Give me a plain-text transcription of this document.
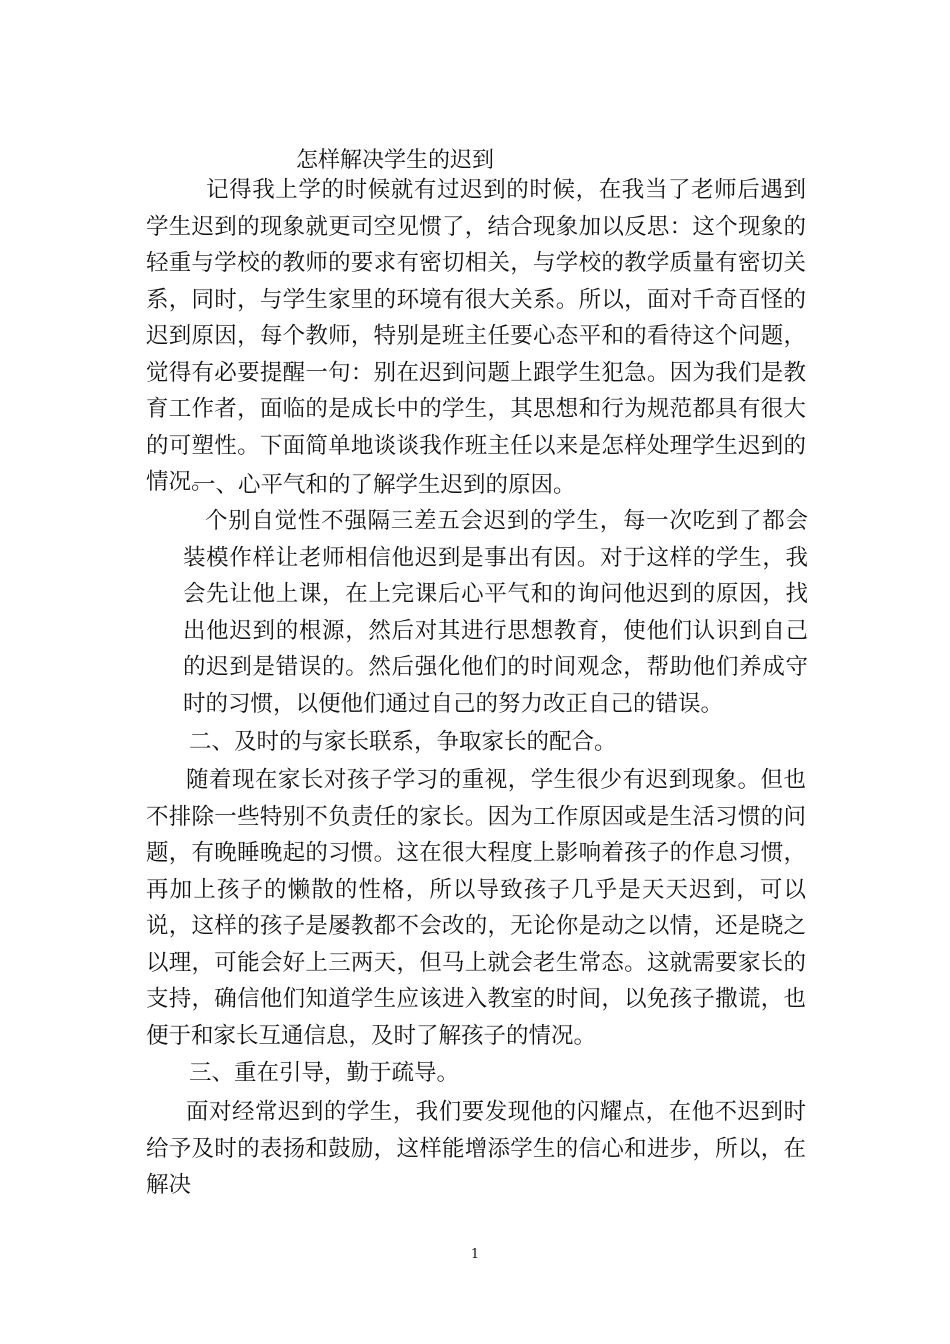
怎样解决学生的迟到

记得我上学的时候就有过迟到的时候，在我当了老师后遇到学生迟到的现象就更司空见惯了，结合现象加以反思：这个现象的轻重与学校的教师的要求有密切相关，与学校的教学质量有密切关系，同时，与学生家里的环境有很大关系。所以，面对千奇百怪的迟到原因，每个教师，特别是班主任要心态平和的看待这个问题，觉得有必要提醒一句：别在迟到问题上跟学生犯急。因为我们是教育工作者，面临的是成长中的学生，其思想和行为规范都具有很大的可塑性。下面简单地谈谈我作班主任以来是怎样处理学生迟到的情况。

一、心平气和的了解学生迟到的原因。

个别自觉性不强隔三差五会迟到的学生，每一次吃到了都会装模作样让老师相信他迟到是事出有因。对于这样的学生，我会先让他上课，在上完课后心平气和的询问他迟到的原因，找出他迟到的根源，然后对其进行思想教育，使他们认识到自己的迟到是错误的。然后强化他们的时间观念，帮助他们养成守时的习惯，以便他们通过自己的努力改正自己的错误。

二、及时的与家长联系，争取家长的配合。

随着现在家长对孩子学习的重视，学生很少有迟到现象。但也不排除一些特别不负责任的家长。因为工作原因或是生活习惯的问题，有晚睡晚起的习惯。这在很大程度上影响着孩子的作息习惯，再加上孩子的懒散的性格，所以导致孩子几乎是天天迟到，可以说，这样的孩子是屡教都不会改的，无论你是动之以情，还是晓之以理，可能会好上三两天，但马上就会老生常态。这就需要家长的支持，确信他们知道学生应该进入教室的时间，以免孩子撒谎，也便于和家长互通信息，及时了解孩子的情况。

三、重在引导，勤于疏导。

面对经常迟到的学生，我们要发现他的闪耀点，在他不迟到时给予及时的表扬和鼓励，这样能增添学生的信心和进步，所以，在解决

1
